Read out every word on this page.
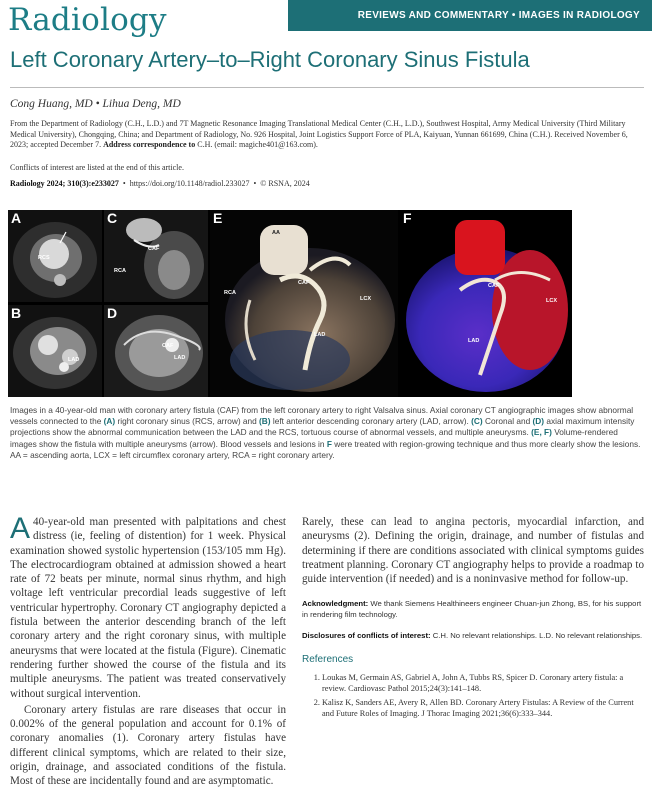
Radiology	REVIEWS AND COMMENTARY • IMAGES IN RADIOLOGY
Left Coronary Artery–to–Right Coronary Sinus Fistula
Cong Huang, MD • Lihua Deng, MD
From the Department of Radiology (C.H., L.D.) and 7T Magnetic Resonance Imaging Translational Medical Center (C.H., L.D.), Southwest Hospital, Army Medical University (Third Military Medical University), Chongqing, China; and Department of Radiology, No. 926 Hospital, Joint Logistics Support Force of PLA, Kaiyuan, Yunnan 661699, China (C.H.). Received November 6, 2023; accepted December 7. Address correspondence to C.H. (email: magiche401@163.com).
Conflicts of interest are listed at the end of this article.
Radiology 2024; 310(3):e233027  •  https://doi.org/10.1148/radiol.233027  •  © RSNA, 2024
A
RCS
B
LAD
C
CAF
RCA
D
CAF
LAD
E
AA
CAF
RCA
LCX
LAD
F
CAF
LCX
LAD
Images in a 40-year-old man with coronary artery fistula (CAF) from the left coronary artery to right Valsalva sinus. Axial coronary CT angiographic images show abnormal vessels connected to the (A) right coronary sinus (RCS, arrow) and (B) left anterior descending coronary artery (LAD, arrow). (C) Coronal and (D) axial maximum intensity projections show the abnormal communication between the LAD and the RCS, tortuous course of abnormal vessels, and multiple aneurysms. (E, F) Volume-rendered images show the fistula with multiple aneurysms (arrow). Blood vessels and lesions in F were treated with region-growing technique and thus more clearly show the lesions. AA = ascending aorta, LCX = left circumflex coronary artery, RCA = right coronary artery.

A 40-year-old man presented with palpitations and chest distress (ie, feeling of distention) for 1 week. Physical examination showed systolic hypertension (153/105 mm Hg). The electrocardiogram obtained at admission showed a heart rate of 72 beats per minute, normal sinus rhythm, and high voltage left ventricular precordial leads suggestive of left ventricular hypertrophy. Coronary CT angiography depicted a fistula between the anterior descending branch of the left coronary artery and the right coronary sinus, with multiple aneurysms that were located at the fistula (Figure). Cinematic rendering further showed the course of the fistula and its multiple aneurysms. The patient was treated conservatively without surgical intervention.

Coronary artery fistulas are rare diseases that occur in 0.002% of the general population and account for 0.1% of coronary anomalies (1). Coronary artery fistulas have different clinical symptoms, which are related to their size, origin, drainage, and associated conditions of the fistula. Most of these are incidentally found and are asymptomatic.

Rarely, these can lead to angina pectoris, myocardial infarction, and aneurysms (2). Defining the origin, drainage, and number of fistulas and determining if there are conditions associated with clinical symptoms guides treatment planning. Coronary CT angiography helps to provide a roadmap to guide intervention (if needed) and is a noninvasive method for follow-up.

Acknowledgment: We thank Siemens Healthineers engineer Chuan-jun Zhong, BS, for his support in rendering film technology.

Disclosures of conflicts of interest: C.H. No relevant relationships. L.D. No relevant relationships.

References
1. Loukas M, Germain AS, Gabriel A, John A, Tubbs RS, Spicer D. Coronary artery fistula: a review. Cardiovasc Pathol 2015;24(3):141–148.
2. Kalisz K, Sanders AE, Avery R, Allen BD. Coronary Artery Fistulas: A Review of the Current and Future Roles of Imaging. J Thorac Imaging 2021;36(6):333–344.
